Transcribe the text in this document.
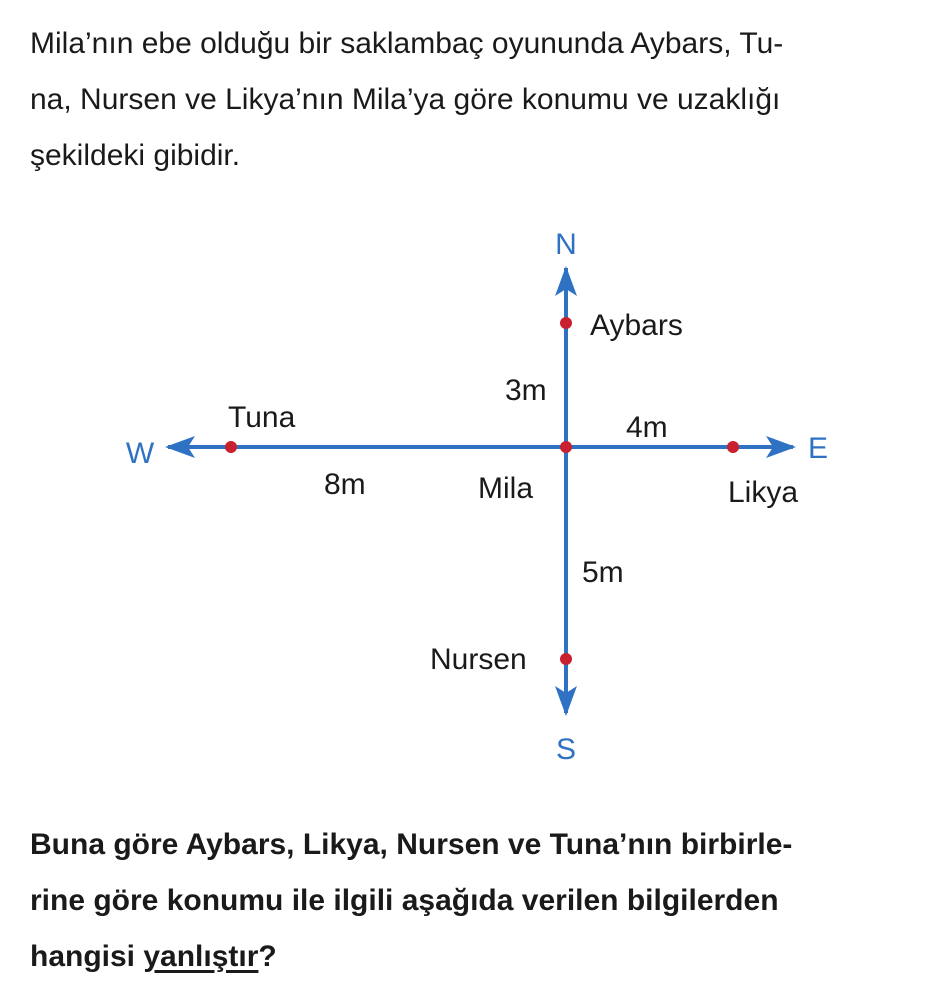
Mila’nın ebe olduğu bir saklambaç oyununda Aybars, Tu-
na, Nursen ve Likya’nın Mila’ya göre konumu ve uzaklığı
şekildeki gibidir.
N
S
E
W
Aybars
Tuna
Mila	Likya
Nursen
3m
4m
8m
5m
Buna göre Aybars, Likya, Nursen ve Tuna’nın birbirle-
rine göre konumu ile ilgili aşağıda verilen bilgilerden
hangisi yanlıştır?
